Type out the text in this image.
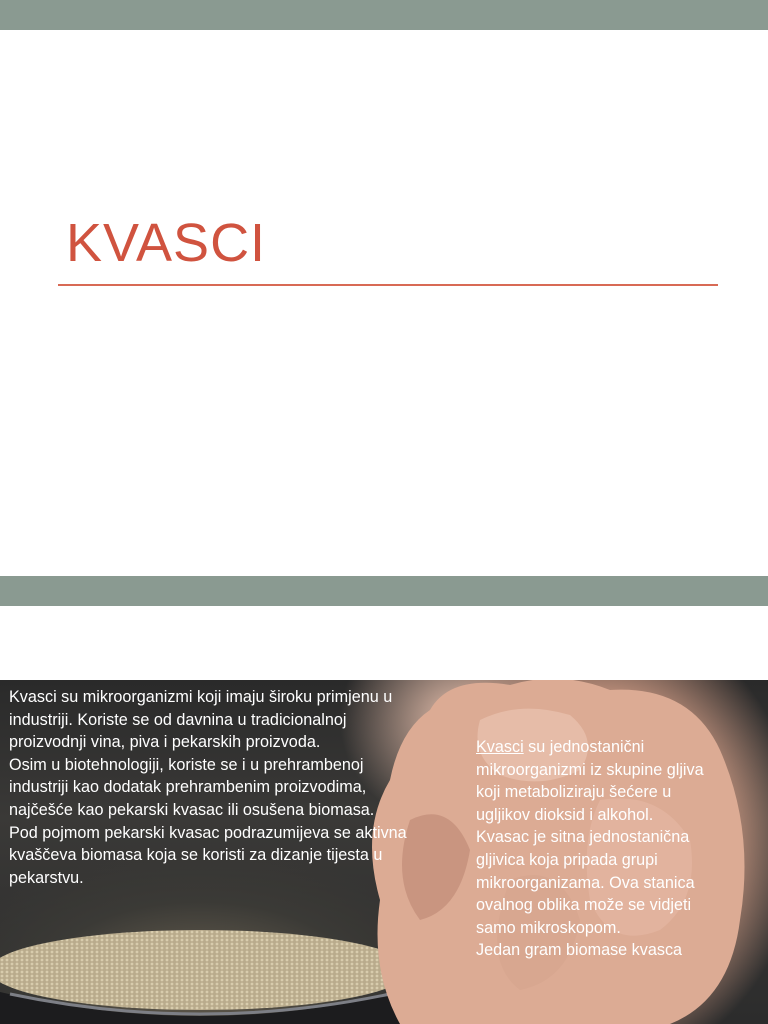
KVASCI

Kvasci su mikroorganizmi koji imaju široku primjenu u industriji. Koriste se od davnina u tradicionalnoj proizvodnji vina, piva i pekarskih proizvoda.

Osim u biotehnologiji, koriste se i u prehrambenoj industriji kao dodatak prehrambenim proizvodima, najčešće kao pekarski kvasac ili osušena biomasa.

Pod pojmom pekarski kvasac podrazumijeva se aktivna kvaščeva biomasa koja se koristi za dizanje tijesta u pekarstvu.

Kvasci su jednostanični mikroorganizmi iz skupine gljiva koji metaboliziraju šećere u ugljikov dioksid i alkohol.

Kvasac je sitna jednostanična gljivica koja pripada grupi mikroorganizama. Ova stanica ovalnog oblika može se vidjeti

samo mikroskopom.

Jedan gram biomase kvasca
